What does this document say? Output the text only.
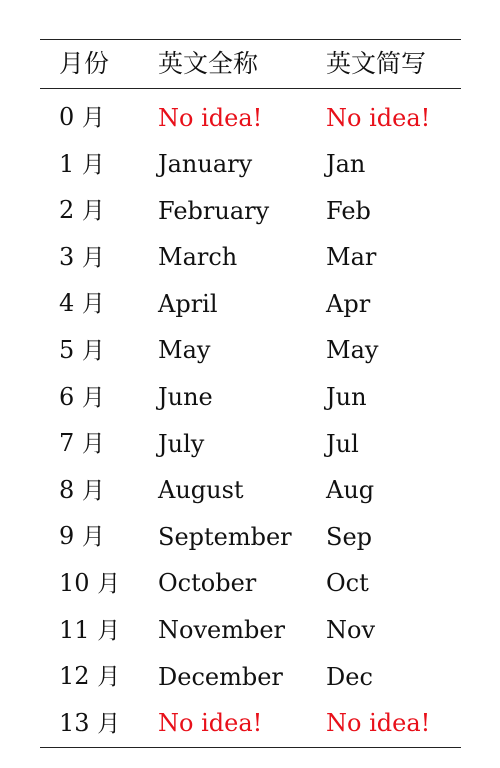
月份	英文全称	英文简写
0 月	No idea!	No idea!
1 月	January	Jan
2 月	February	Feb
3 月	March	Mar
4 月	April	Apr
5 月	May	May
6 月	June	Jun
7 月	July	Jul
8 月	August	Aug
9 月	September	Sep
10 月	October	Oct
11 月	November	Nov
12 月	December	Dec
13 月	No idea!	No idea!
